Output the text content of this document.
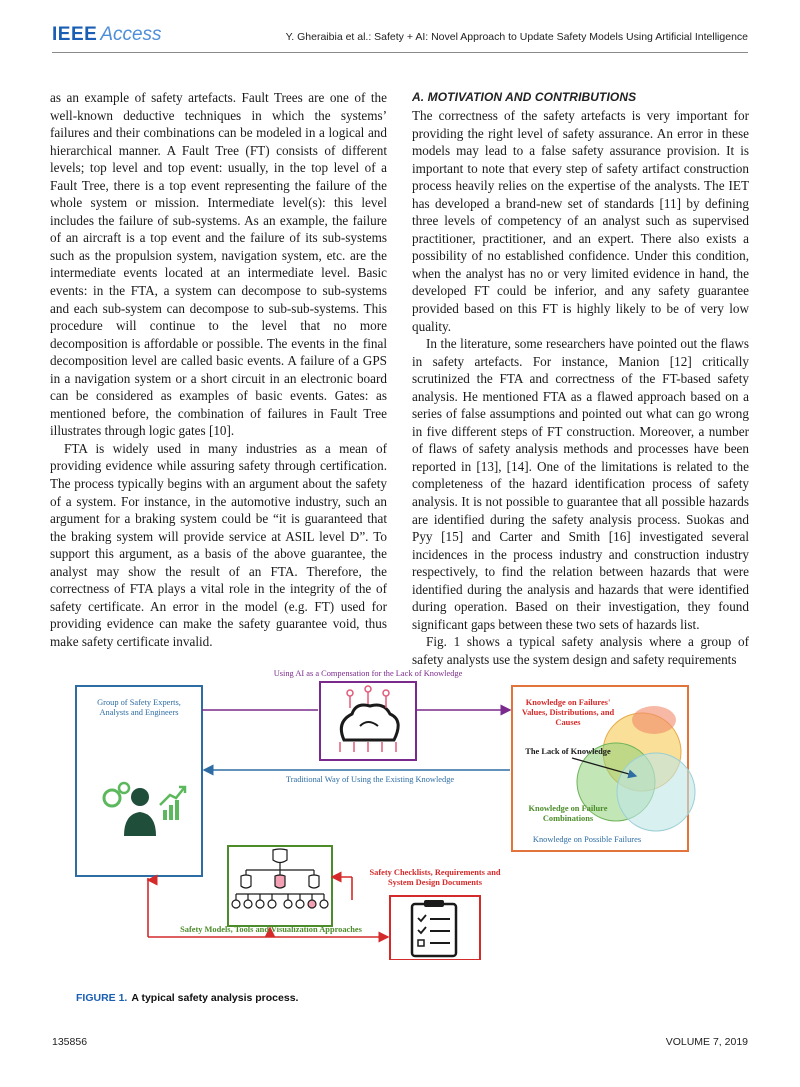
IEEE Access	Y. Gheraibia et al.: Safety + AI: Novel Approach to Update Safety Models Using Artificial Intelligence

as an example of safety artefacts. Fault Trees are one of the well-known deductive techniques in which the systems’ failures and their combinations can be modeled in a logical and hierarchical manner. A Fault Tree (FT) consists of different levels; top level and top event: usually, in the top level of a Fault Tree, there is a top event representing the failure of the whole system or mission. Intermediate level(s): this level includes the failure of sub-systems. As an example, the failure of an aircraft is a top event and the failure of its sub-systems such as the propulsion system, navigation system, etc. are the intermediate events located at an intermediate level. Basic events: in the FTA, a system can decompose to sub-systems and each sub-system can decompose to sub-sub-systems. This procedure will continue to the level that no more decomposition is affordable or possible. The events in the final decomposition level are called basic events. A failure of a GPS in a navigation system or a short circuit in an electronic board can be considered as examples of basic events. Gates: as mentioned before, the combination of failures in Fault Tree illustrates through logic gates [10].

FTA is widely used in many industries as a mean of providing evidence while assuring safety through certification. The process typically begins with an argument about the safety of a system. For instance, in the automotive industry, such an argument for a braking system could be “it is guaranteed that the braking system will provide service at ASIL level D”. To support this argument, as a basis of the above guarantee, the analyst may show the result of an FTA. Therefore, the correctness of FTA plays a vital role in the integrity of the of safety certificate. An error in the model (e.g. FT) used for providing evidence can make the safety guarantee void, thus make safety certificate invalid.

A. MOTIVATION AND CONTRIBUTIONS

The correctness of the safety artefacts is very important for providing the right level of safety assurance. An error in these models may lead to a false safety assurance provision. It is important to note that every step of safety artifact construction process heavily relies on the expertise of the analysts. The IET has developed a brand-new set of standards [11] by defining three levels of competency of an analyst such as supervised practitioner, practitioner, and an expert. There also exists a possibility of no established confidence. Under this condition, when the analyst has no or very limited evidence in hand, the developed FT could be inferior, and any safety guarantee provided based on this FT is highly likely to be of very low quality.

In the literature, some researchers have pointed out the flaws in safety artefacts. For instance, Manion [12] critically scrutinized the FTA and correctness of the FT-based safety analysis. He mentioned FTA as a flawed approach based on a series of false assumptions and pointed out what can go wrong in five different steps of FT construction. Moreover, a number of flaws of safety analysis methods and processes have been reported in [13], [14]. One of the limitations is related to the completeness of the hazard identification process of safety analysis. It is not possible to guarantee that all possible hazards are identified during the safety analysis process. Suokas and Pyy [15] and Carter and Smith [16] investigated several incidences in the process industry and construction industry respectively, to find the relation between hazards that were identified during the analysis and hazards that were identified during operation. Based on their investigation, they found significant gaps between these two sets of hazards list.

Fig. 1 shows a typical safety analysis where a group of safety analysts use the system design and safety requirements

Using AI as a Compensation for the Lack of Knowledge
Group of Safety Experts, Analysts and Engineers
Traditional Way of Using the Existing Knowledge
Knowledge on Failures' Values, Distributions, and Causes
The Lack of Knowledge
Knowledge on Failure Combinations
Knowledge on Possible Failures
Safety Checklists, Requirements and System Design Documents
Safety Models, Tools and Visualization Approaches
FIGURE 1. A typical safety analysis process.
135856	VOLUME 7, 2019
